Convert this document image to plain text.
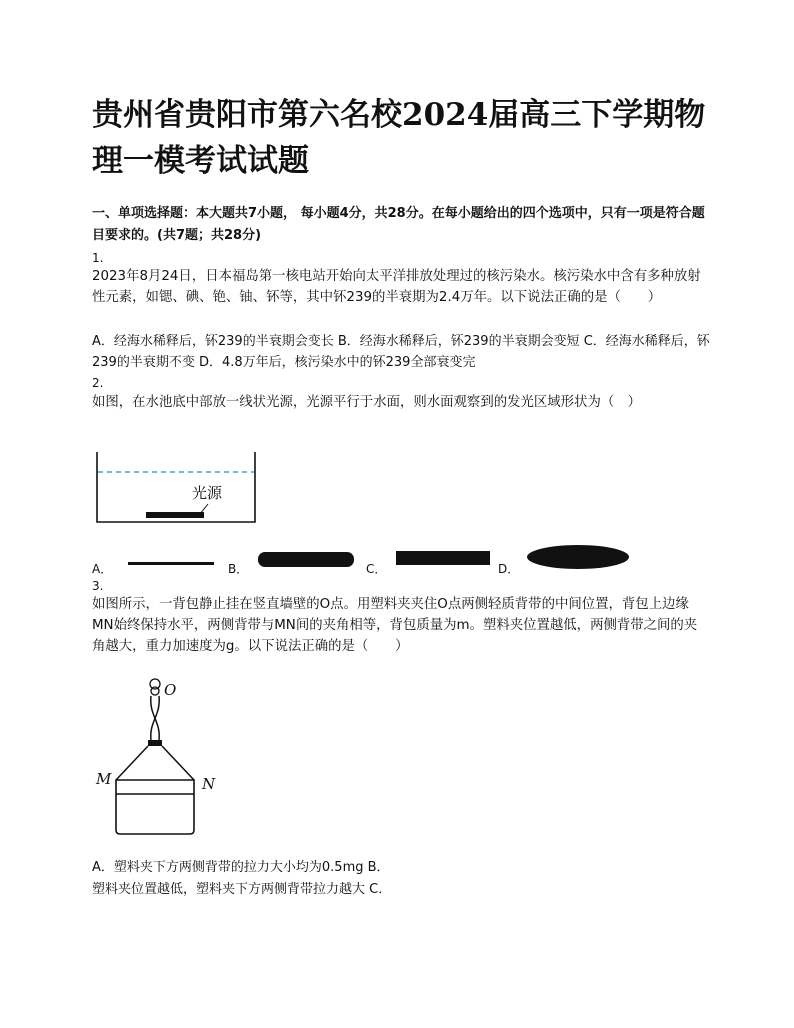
贵州省贵阳市第六名校2024届高三下学期物理一模考试试题

一、单项选择题：本大题共7小题， 每小题4分，共28分。在每小题给出的四个选项中，只有一项是符合题目要求的。(共7题；共28分)

1.

2023年8月24日，日本福岛第一核电站开始向太平洋排放处理过的核污染水。核污染水中含有多种放射性元素，如锶、碘、铯、铀、钚等，其中钚239的半衰期为2.4万年。以下说法正确的是（　　）

A．经海水稀释后，钚239的半衰期会变长 B．经海水稀释后，钚239的半衰期会变短 C．经海水稀释后，钚239的半衰期不变 D．4.8万年后，核污染水中的钚239全部衰变完

2.

如图，在水池底中部放一线状光源，光源平行于水面，则水面观察到的发光区域形状为（　）

光源
A．	B．	C．	D．
3.

如图所示，一背包静止挂在竖直墙壁的O点。用塑料夹夹住O点两侧轻质背带的中间位置，背包上边缘MN始终保持水平，两侧背带与MN间的夹角相等，背包质量为m。塑料夹位置越低，两侧背带之间的夹角越大，重力加速度为g。以下说法正确的是（　　）

O
M	N

A．塑料夹下方两侧背带的拉力大小均为0.5mg B．

塑料夹位置越低，塑料夹下方两侧背带拉力越大 C．
